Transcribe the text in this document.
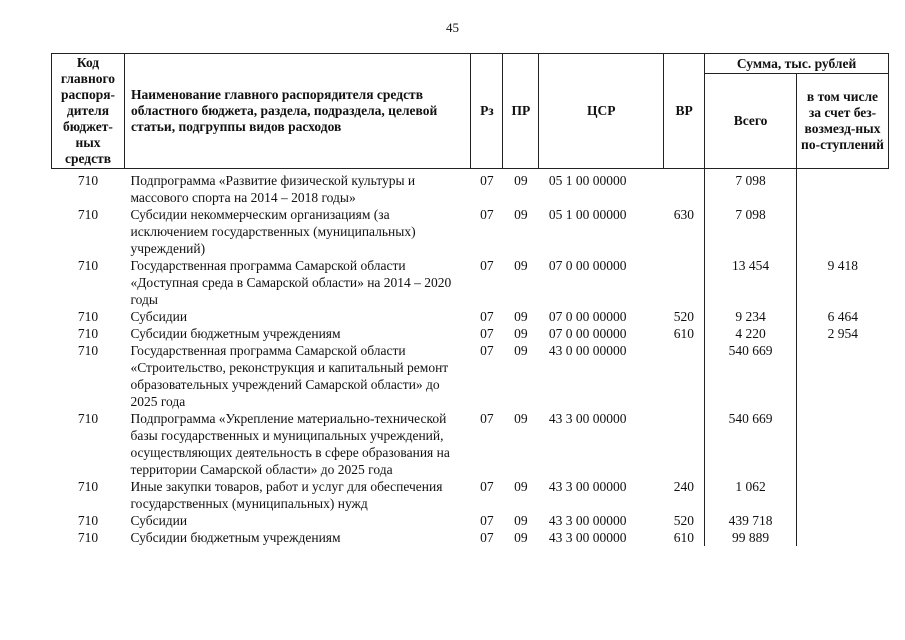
45
Код главного распоря-дителя бюджет-ных средств	Наименование главного распорядителя средств областного бюджета, раздела, подраздела, целевой статьи, подгруппы видов расходов	Рз	ПР	ЦСР	ВР	Сумма, тыс. рублей	
						Всего	в том числе за счет без-возмезд-ных по-ступлений
710	Подпрограмма «Развитие физической культуры и массового спорта на 2014 – 2018 годы»	07	09	05 1 00 00000		7 098	
710	Субсидии некоммерческим организациям (за исключением государственных (муниципальных) учреждений)	07	09	05 1 00 00000	630	7 098	
710	Государственная программа Самарской области «Доступная среда в Самарской области» на 2014 – 2020 годы	07	09	07 0 00 00000		13 454	9 418
710	Субсидии	07	09	07 0 00 00000	520	9 234	6 464
710	Субсидии бюджетным учреждениям	07	09	07 0 00 00000	610	4 220	2 954
710	Государственная программа Самарской области «Строительство, реконструкция и капитальный ремонт образовательных учреждений Самарской области» до 2025 года	07	09	43 0 00 00000		540 669	
710	Подпрограмма «Укрепление материально-технической базы государственных и муниципальных учреждений, осуществляющих деятельность в сфере образования на территории Самарской области» до 2025 года	07	09	43 3 00 00000		540 669	
710	Иные закупки товаров, работ и услуг для обеспечения государственных (муниципальных) нужд	07	09	43 3 00 00000	240	1 062	
710	Субсидии	07	09	43 3 00 00000	520	439 718	
710	Субсидии бюджетным учреждениям	07	09	43 3 00 00000	610	99 889	
